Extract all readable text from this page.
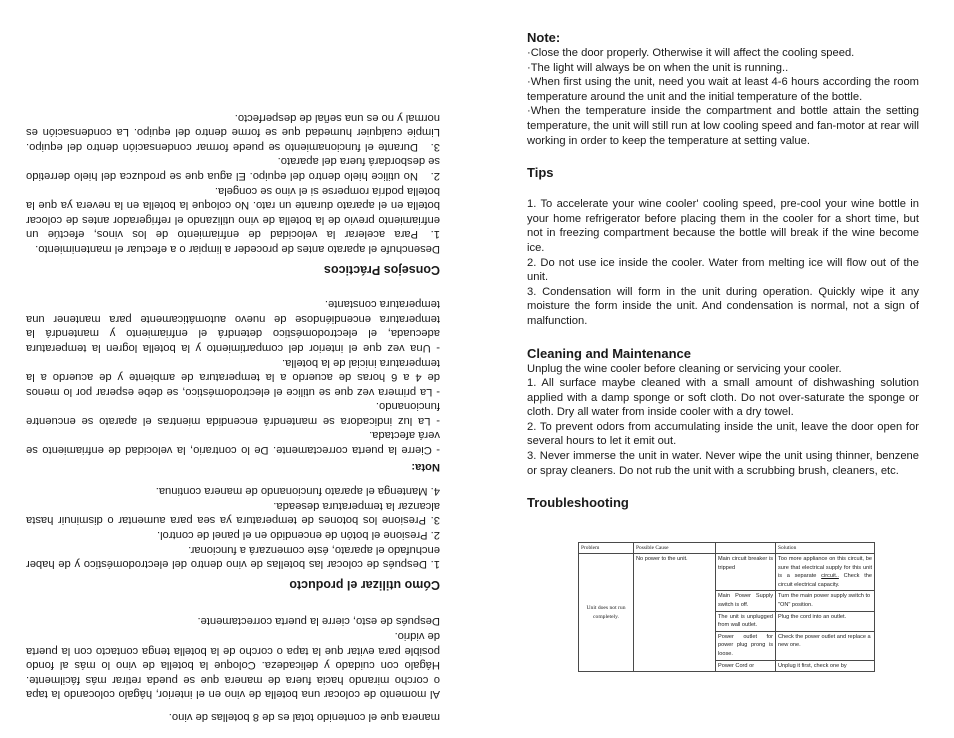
manera que el contenido total es de 8 botellas de vino.

Al momento de colocar una botella de vino en el interior, hágalo colocando la tapa o corcho mirando hacia fuera de manera que se pueda retirar más fácilmente. Hágalo con cuidado y delicadeza. Coloque la botella de vino lo más al fondo posible para evitar que la tapa o corcho de la botella tenga contacto con la puerta de vidrio.

Después de esto, cierre la puerta correctamente.

Cómo utilizar el producto

1. Después de colocar las botellas de vino dentro del electrodoméstico y de haber enchufado el aparato, éste comenzará a funcionar.

2. Presione el botón de encendido en el panel de control.

3. Presione los botones de temperatura ya sea para aumentar o disminuir hasta alcanzar la temperatura deseada.

4. Mantenga el aparato funcionando de manera continua.

Nota:

- Cierre la puerta correctamente. De lo contrario, la velocidad de enfriamiento se verá afectada.

- La luz indicadora se mantendrá encendida mientras el aparato se encuentre funcionando.

- La primera vez que se utilice el electrodoméstico, se debe esperar por lo menos de 4 a 6 horas de acuerdo a la temperatura de ambiente y de acuerdo a la temperatura inicial de la botella.

- Una vez que el interior del compartimiento y la botella logren la temperatura adecuada, el electrodoméstico detendrá el enfriamiento y mantendrá la temperatura encendiéndose de nuevo automáticamente para mantener una temperatura constante.

Consejos Prácticos

Desenchufe el aparato antes de proceder a limpiar o a efectuar el mantenimiento.

1.Para acelerar la velocidad de enfriamiento de los vinos, efectúe un enfriamiento previo de la botella de vino utilizando el refrigerador antes de colocar botella en el aparato durante un rato. No coloque la botella en la nevera ya que la botella podría romperse si el vino se congela.

2.No utilice hielo dentro del equipo. El agua que se produzca del hielo derretido se desbordará fuera del aparato.

3.Durante el funcionamiento se puede formar condensación dentro del equipo. Limpie cualquier humedad que se forme dentro del equipo. La condensación es normal y no es una señal de desperfecto.

Note:

·Close the door properly. Otherwise it will affect the cooling speed.

·The light will always be on when the unit is running..

·When first using the unit, need you wait at least 4-6 hours according the room temperature around the unit and the initial temperature of the bottle.

·When the temperature inside the compartment and bottle attain the setting temperature, the unit will still run at low cooling speed and fan-motor at rear will working in order to keep the temperature at setting value.

Tips

1. To accelerate your wine cooler' cooling speed, pre-cool your wine bottle in your home refrigerator before placing them in the cooler for a short time, but not in freezing compartment because the bottle will break if the wine become ice.

2. Do not use ice inside the cooler. Water from melting ice will flow out of the unit.

3. Condensation will form in the unit during operation. Quickly wipe it any moisture the form inside the unit. And condensation is normal, not a sign of malfunction.

Cleaning and Maintenance

Unplug the wine cooler before cleaning or servicing your cooler.

1. All surface maybe cleaned with a small amount of dishwashing solution applied with a damp sponge or soft cloth. Do not over-saturate the sponge or cloth. Dry all water from inside cooler with a dry towel.

2. To prevent odors from accumulating inside the unit, leave the door open for several hours to let it emit out.

3. Never immerse the unit in water. Never wipe the unit using thinner, benzene or spray cleaners. Do not rub the unit with a scrubbing brush, cleaners, etc.

Troubleshooting
Problem	Possible Cause		Solution
Unit does not run completely.	No power to the unit.	Main circuit breaker is tripped	Too more appliance on this circuit, be sure that electrical supply for this unit is a separate circuit.. Check the circuit electrical capacity.
		Main Power Supply switch is off.	Turn the main power supply switch to "ON" position.
		The unit is unplugged from wall outlet.	Plug the cord into an outlet.
		Power outlet for power plug prong is loose.	Check the power outlet and replace a new one.
		Power Cord or	Unplug it first, check one by
